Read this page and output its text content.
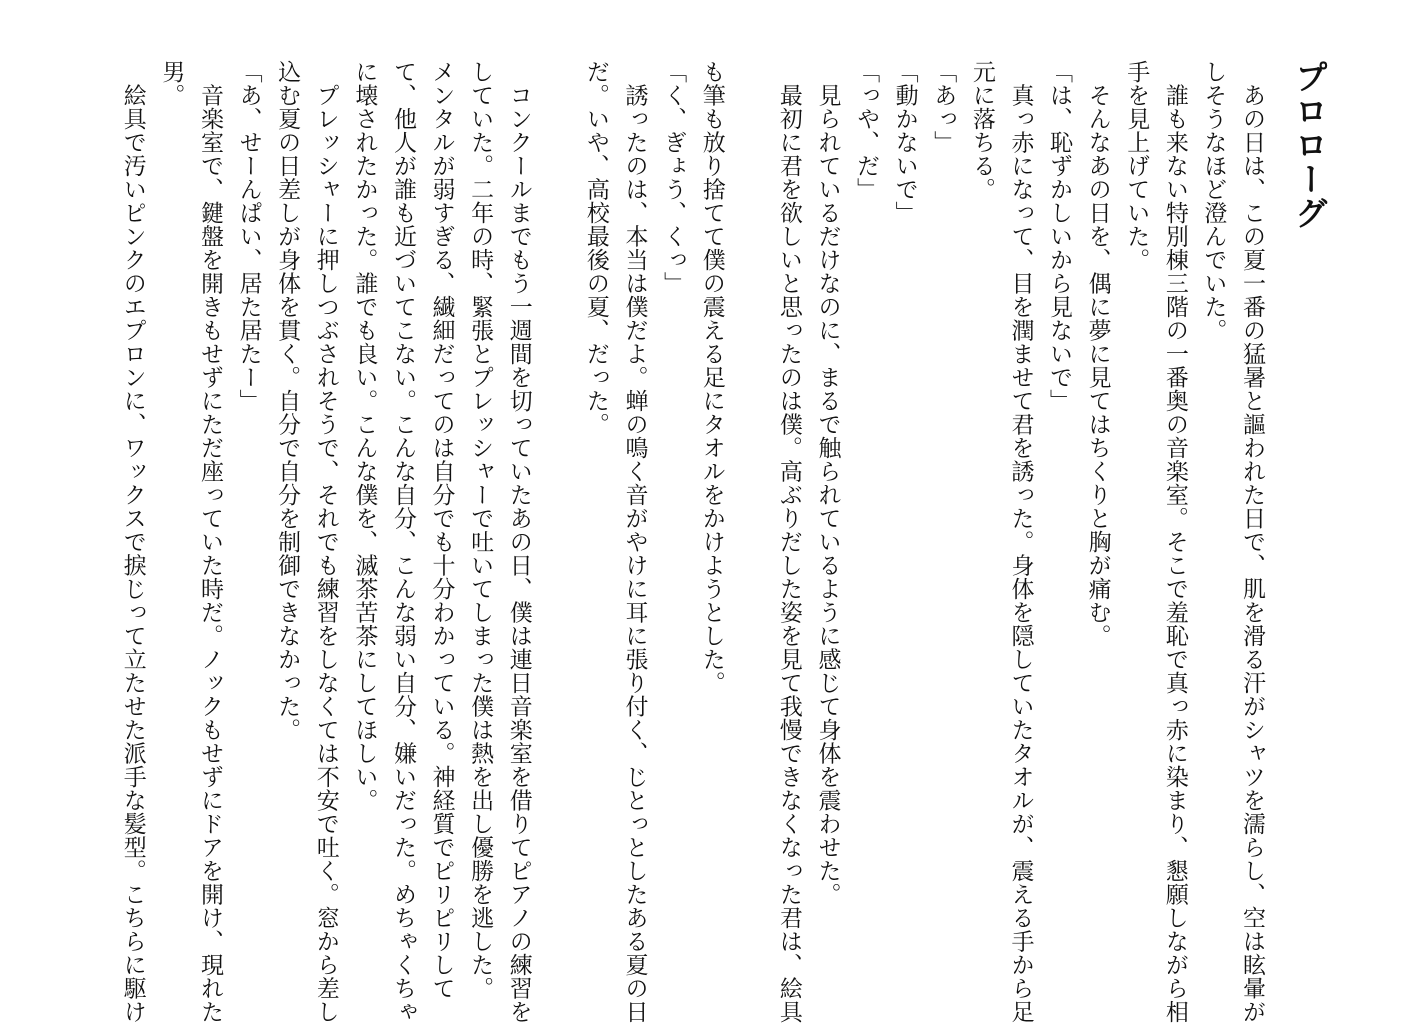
プロローグ

　あの日は、この夏一番の猛暑と謳われた日で、肌を滑る汗がシャツを濡らし、空は眩暈が

しそうなほど澄んでいた。

　誰も来ない特別棟三階の一番奥の音楽室。そこで羞恥で真っ赤に染まり、懇願しながら相

手を見上げていた。

　そんなあの日を、偶に夢に見てはちくりと胸が痛む。

「は、恥ずかしいから見ないで」

　真っ赤になって、目を潤ませて君を誘った。身体を隠していたタオルが、震える手から足

元に落ちる。

「あっ」

「動かないで」

「っや、だ」

　見られているだけなのに、まるで触られているように感じて身体を震わせた。

　最初に君を欲しいと思ったのは僕。高ぶりだした姿を見て我慢できなくなった君は、絵具

も筆も放り捨てて僕の震える足にタオルをかけようとした。

「く、ぎょう、くっ」

　誘ったのは、本当は僕だよ。蝉の鳴く音がやけに耳に張り付く、じとっとしたある夏の日

だ。いや、高校最後の夏、だった。

　コンクールまでもう一週間を切っていたあの日、僕は連日音楽室を借りてピアノの練習を

していた。二年の時、緊張とプレッシャーで吐いてしまった僕は熱を出し優勝を逃した。

メンタルが弱すぎる、繊細だってのは自分でも十分わかっている。神経質でピリピリして

て、他人が誰も近づいてこない。こんな自分、こんな弱い自分、嫌いだった。めちゃくちゃ

に壊されたかった。誰でも良い。こんな僕を、滅茶苦茶にしてほしい。

　プレッシャーに押しつぶされそうで、それでも練習をしなくては不安で吐く。窓から差し

込む夏の日差しが身体を貫く。自分で自分を制御できなかった。

「あ、せーんぱい、居た居たー」

　音楽室で、鍵盤を開きもせずにただ座っていた時だ。ノックもせずにドアを開け、現れた

男。

　絵具で汚いピンクのエプロンに、ワックスで捩じって立たせた派手な髪型。こちらに駆け
